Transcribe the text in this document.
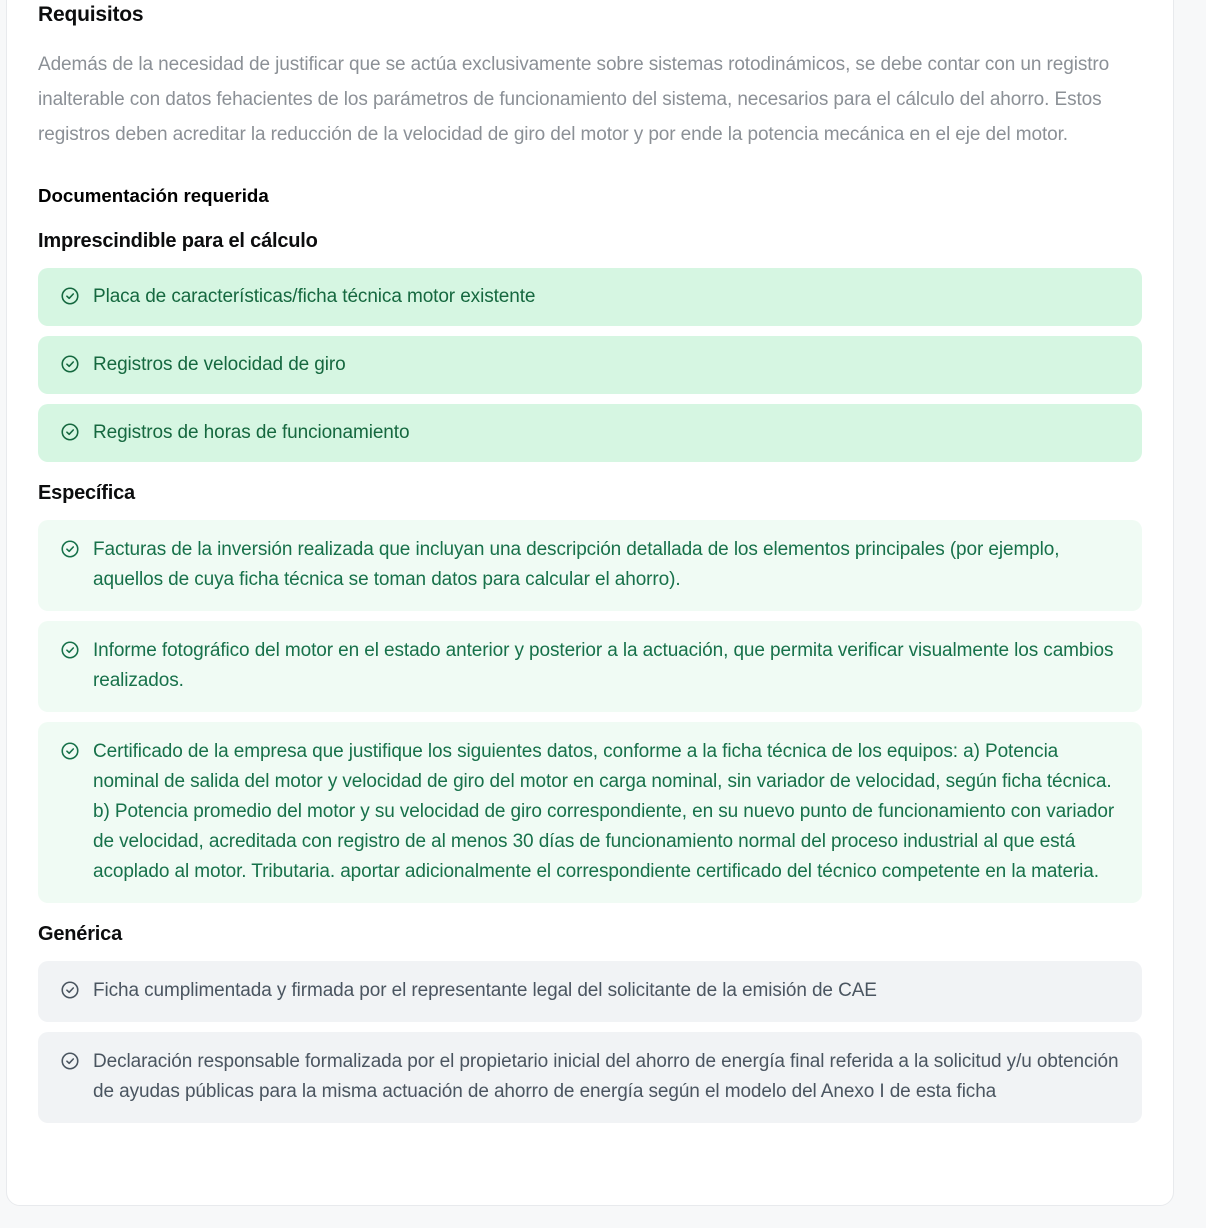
Requisitos

Además de la necesidad de justificar que se actúa exclusivamente sobre sistemas rotodinámicos, se debe contar con un registro inalterable con datos fehacientes de los parámetros de funcionamiento del sistema, necesarios para el cálculo del ahorro. Estos registros deben acreditar la reducción de la velocidad de giro del motor y por ende la potencia mecánica en el eje del motor.

Documentación requerida
Imprescindible para el cálculo
Placa de características/ficha técnica motor existente
Registros de velocidad de giro
Registros de horas de funcionamiento
Específica
Facturas de la inversión realizada que incluyan una descripción detallada de los elementos principales (por ejemplo, aquellos de cuya ficha técnica se toman datos para calcular el ahorro).
Informe fotográfico del motor en el estado anterior y posterior a la actuación, que permita verificar visualmente los cambios realizados.
Certificado de la empresa que justifique los siguientes datos, conforme a la ficha técnica de los equipos: a) Potencia nominal de salida del motor y velocidad de giro del motor en carga nominal, sin variador de velocidad, según ficha técnica. b) Potencia promedio del motor y su velocidad de giro correspondiente, en su nuevo punto de funcionamiento con variador de velocidad, acreditada con registro de al menos 30 días de funcionamiento normal del proceso industrial al que está acoplado al motor. Tributaria. aportar adicionalmente el correspondiente certificado del técnico competente en la materia.
Genérica
Ficha cumplimentada y firmada por el representante legal del solicitante de la emisión de CAE
Declaración responsable formalizada por el propietario inicial del ahorro de energía final referida a la solicitud y/u obtención de ayudas públicas para la misma actuación de ahorro de energía según el modelo del Anexo I de esta ficha
